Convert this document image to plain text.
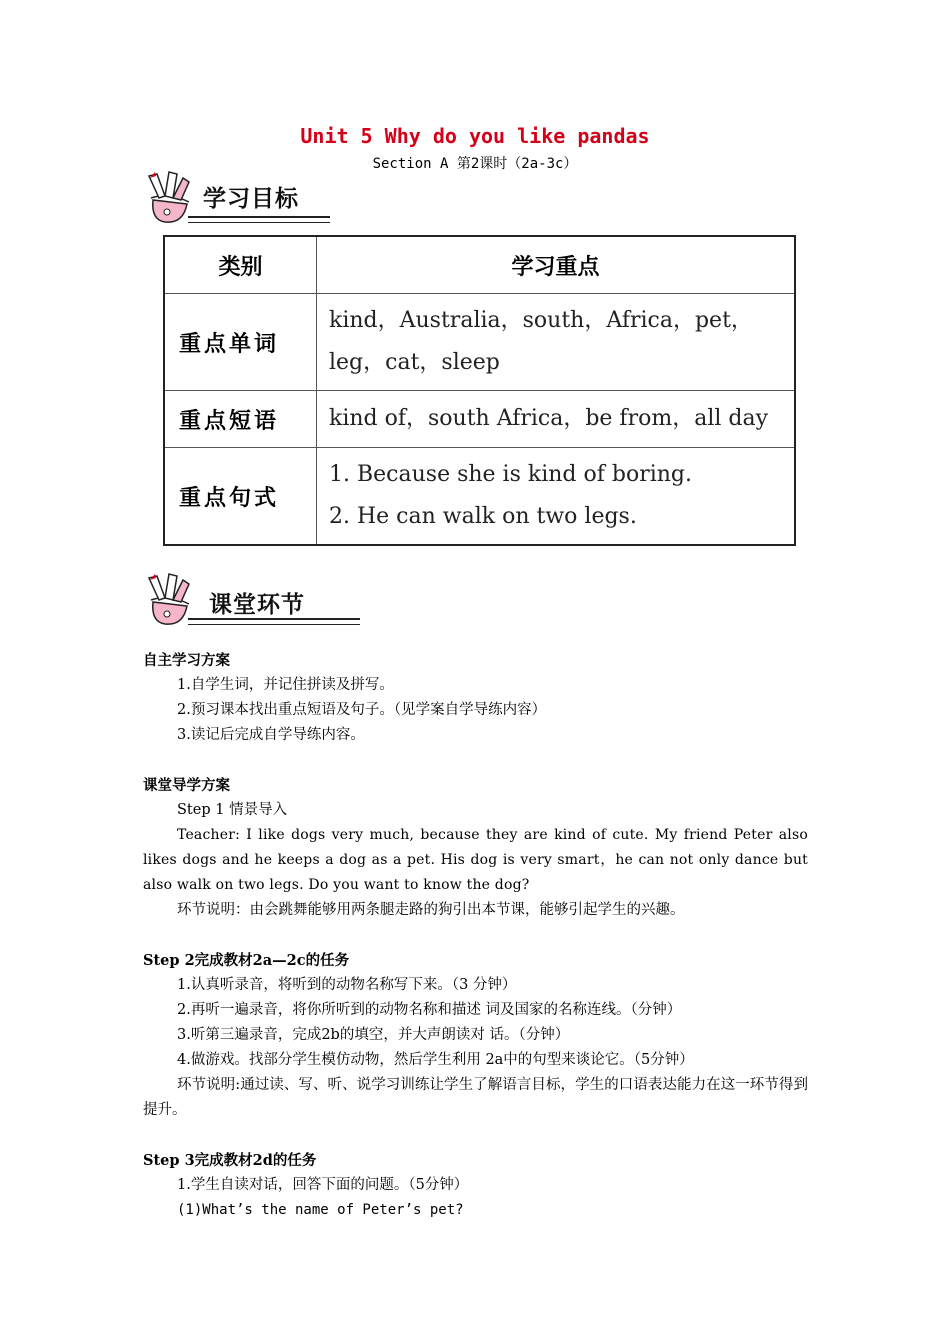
Unit 5 Why do you like pandas
Section A 第2课时（2a-3c）
学习目标
类别	学习重点
重点单词	kind，Australia，south，Africa，pet，leg，cat，sleep
重点短语	kind of，south Africa，be from，all day
重点句式	1. Because she is kind of boring.
2. He can walk on two legs.
课堂环节
自主学习方案
1.自学生词，并记住拼读及拼写。
2.预习课本找出重点短语及句子。（见学案自学导练内容）
3.读记后完成自学导练内容。
课堂导学方案
Step 1 情景导入
Teacher: I like dogs very much, because they are kind of cute. My friend Peter also likes dogs and he keeps a dog as a pet. His dog is very smart，he can not only dance but also walk on two legs. Do you want to know the dog?
环节说明：由会跳舞能够用两条腿走路的狗引出本节课，能够引起学生的兴趣。
Step 2完成教材2a—2c的任务
1.认真听录音，将听到的动物名称写下来。（3 分钟）
2.再听一遍录音，将你所听到的动物名称和描述 词及国家的名称连线。（分钟）
3.听第三遍录音，完成2b的填空，并大声朗读对 话。（分钟）
4.做游戏。找部分学生模仿动物，然后学生利用 2a中的句型来谈论它。（5分钟）
环节说明:通过读、写、听、说学习训练让学生了解语言目标，学生的口语表达能力在这一环节得到提升。
Step 3完成教材2d的任务
1.学生自读对话，回答下面的问题。（5分钟）
(1)What’s the name of Peter’s pet?
